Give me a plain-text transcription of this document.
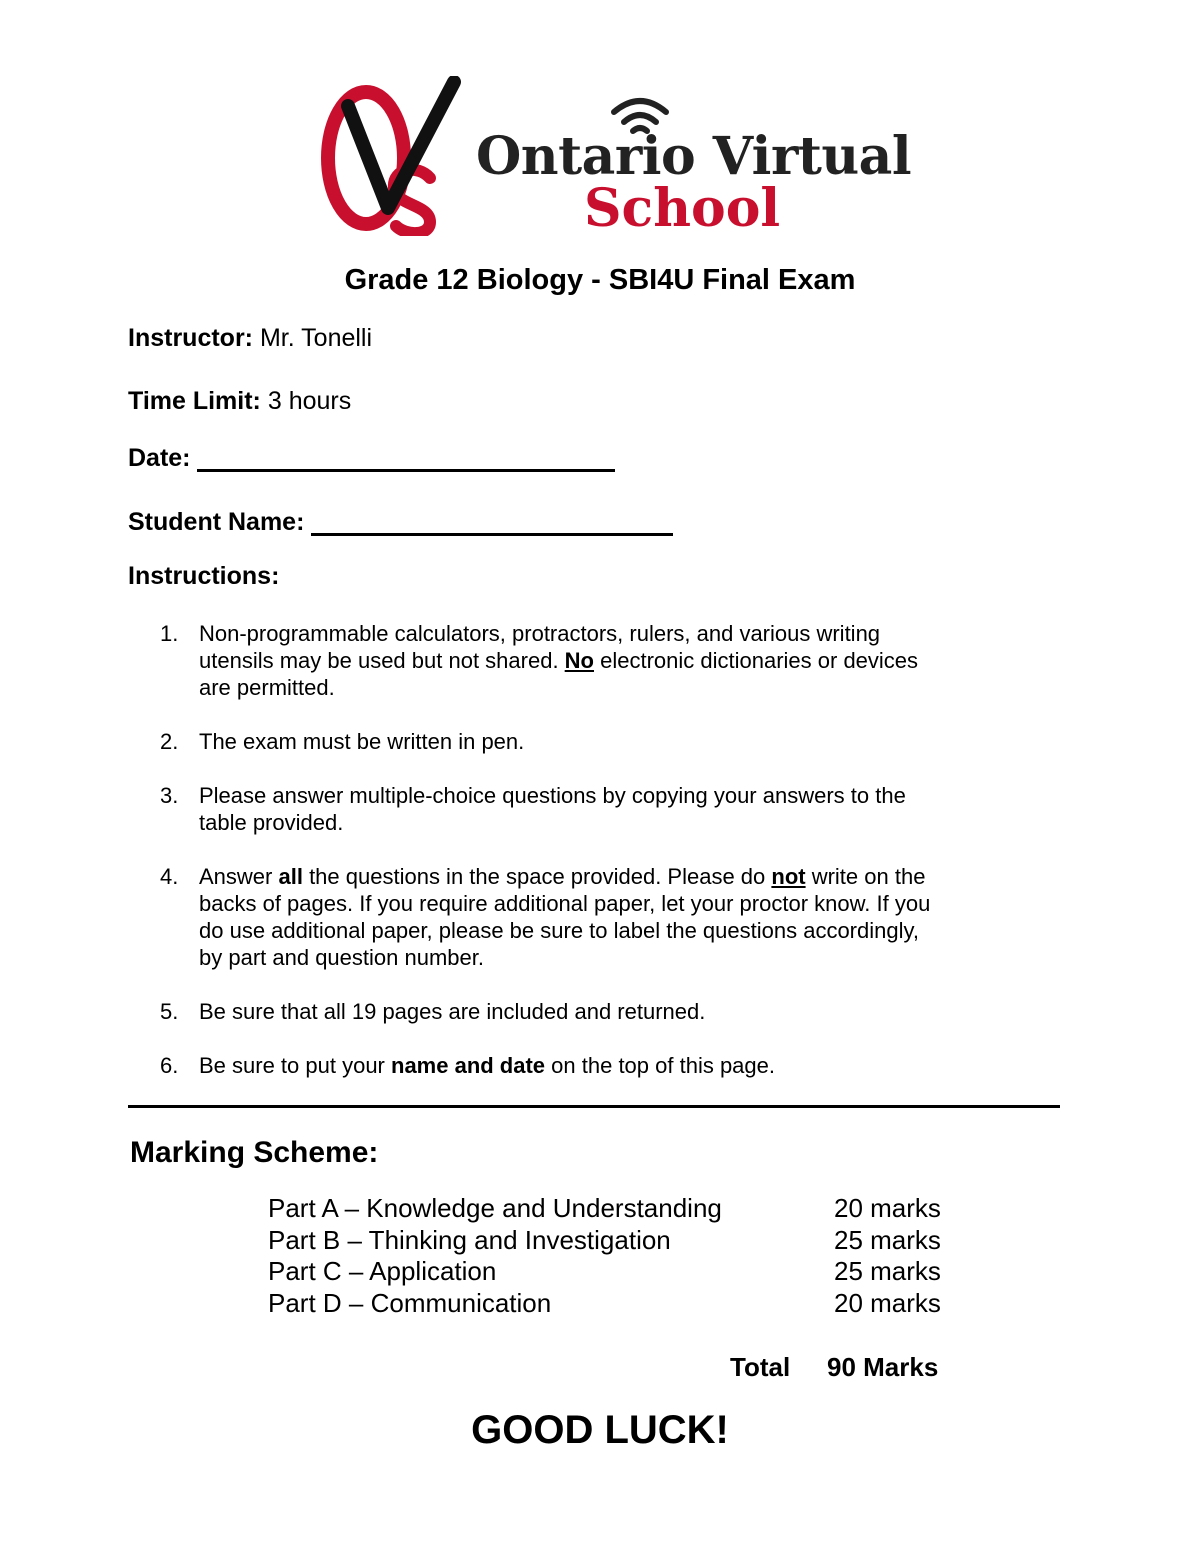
Ontario Virtual
School
Grade 12 Biology - SBI4U Final Exam
Instructor: Mr. Tonelli
Time Limit: 3 hours
Date:
Student Name:
Instructions:
1. Non-programmable calculators, protractors, rulers, and various writing utensils may be used but not shared. No electronic dictionaries or devices are permitted.
2. The exam must be written in pen.
3. Please answer multiple-choice questions by copying your answers to the table provided.
4. Answer all the questions in the space provided. Please do not write on the backs of pages. If you require additional paper, let your proctor know. If you do use additional paper, please be sure to label the questions accordingly, by part and question number.
5. Be sure that all 19 pages are included and returned.
6. Be sure to put your name and date on the top of this page.
Marking Scheme:
Part A – Knowledge and Understanding	20 marks
Part B – Thinking and Investigation	25 marks
Part C – Application	25 marks
Part D – Communication	20 marks
Total 90 Marks
GOOD LUCK!
